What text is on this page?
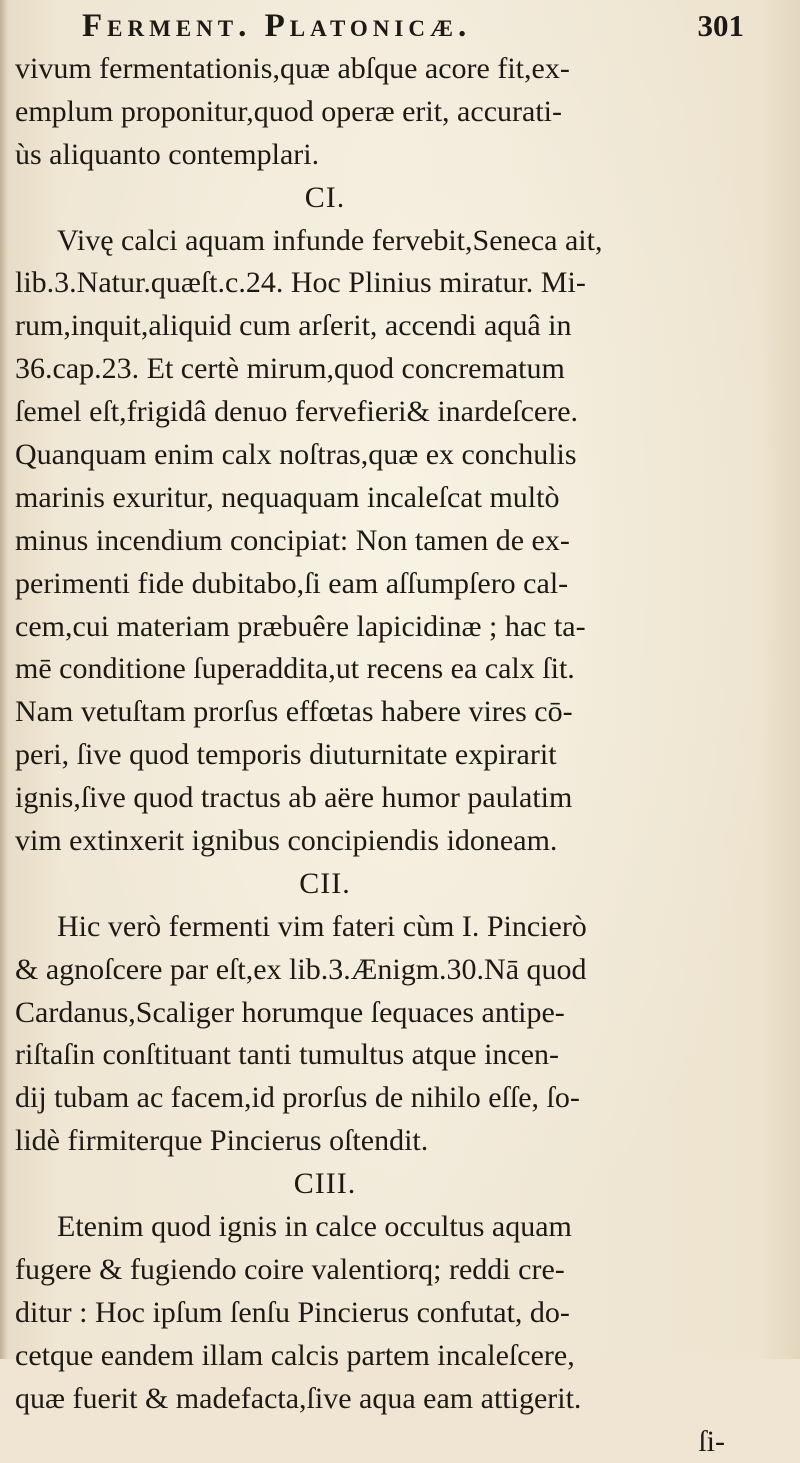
Ferment. Platonicæ.	301
vivum fermentationis,quæ abſque acore fit,ex-
emplum proponitur,quod operæ erit, accurati-
ùs aliquanto contemplari.
CI.
Vivę calci aquam infunde fervebit,Seneca ait,
lib.3.Natur.quæſt.c.24. Hoc Plinius miratur. Mi-
rum,inquit,aliquid cum arſerit, accendi aquâ in
36.cap.23. Et certè mirum,quod concrematum
ſemel eſt,frigidâ denuo fervefieri& inardeſcere.
Quanquam enim calx noſtras,quæ ex conchulis
marinis exuritur, nequaquam incaleſcat multò
minus incendium concipiat: Non tamen de ex-
perimenti fide dubitabo,ſi eam aſſumpſero cal-
cem,cui materiam præbuêre lapicidinæ ; hac ta-
mē conditione ſuperaddita,ut recens ea calx ſit.
Nam vetuſtam prorſus effœtas habere vires cō-
peri, ſive quod temporis diuturnitate expirarit
ignis,ſive quod tractus ab aëre humor paulatim
vim extinxerit ignibus concipiendis idoneam.
CII.
Hic verò fermenti vim fateri cùm I. Pincierò
& agnoſcere par eſt,ex lib.3.Ænigm.30.Nā quod
Cardanus,Scaliger horumque ſequaces antipe-
riſtaſin conſtituant tanti tumultus atque incen-
dij tubam ac facem,id prorſus de nihilo eſſe, ſo-
lidè firmiterque Pincierus oſtendit.
CIII.
Etenim quod ignis in calce occultus aquam
fugere & fugiendo coire valentiorq; reddi cre-
ditur : Hoc ipſum ſenſu Pincierus confutat, do-
cetque eandem illam calcis partem incaleſcere,
quæ fuerit & madefacta,ſive aqua eam attigerit.
ſi-
